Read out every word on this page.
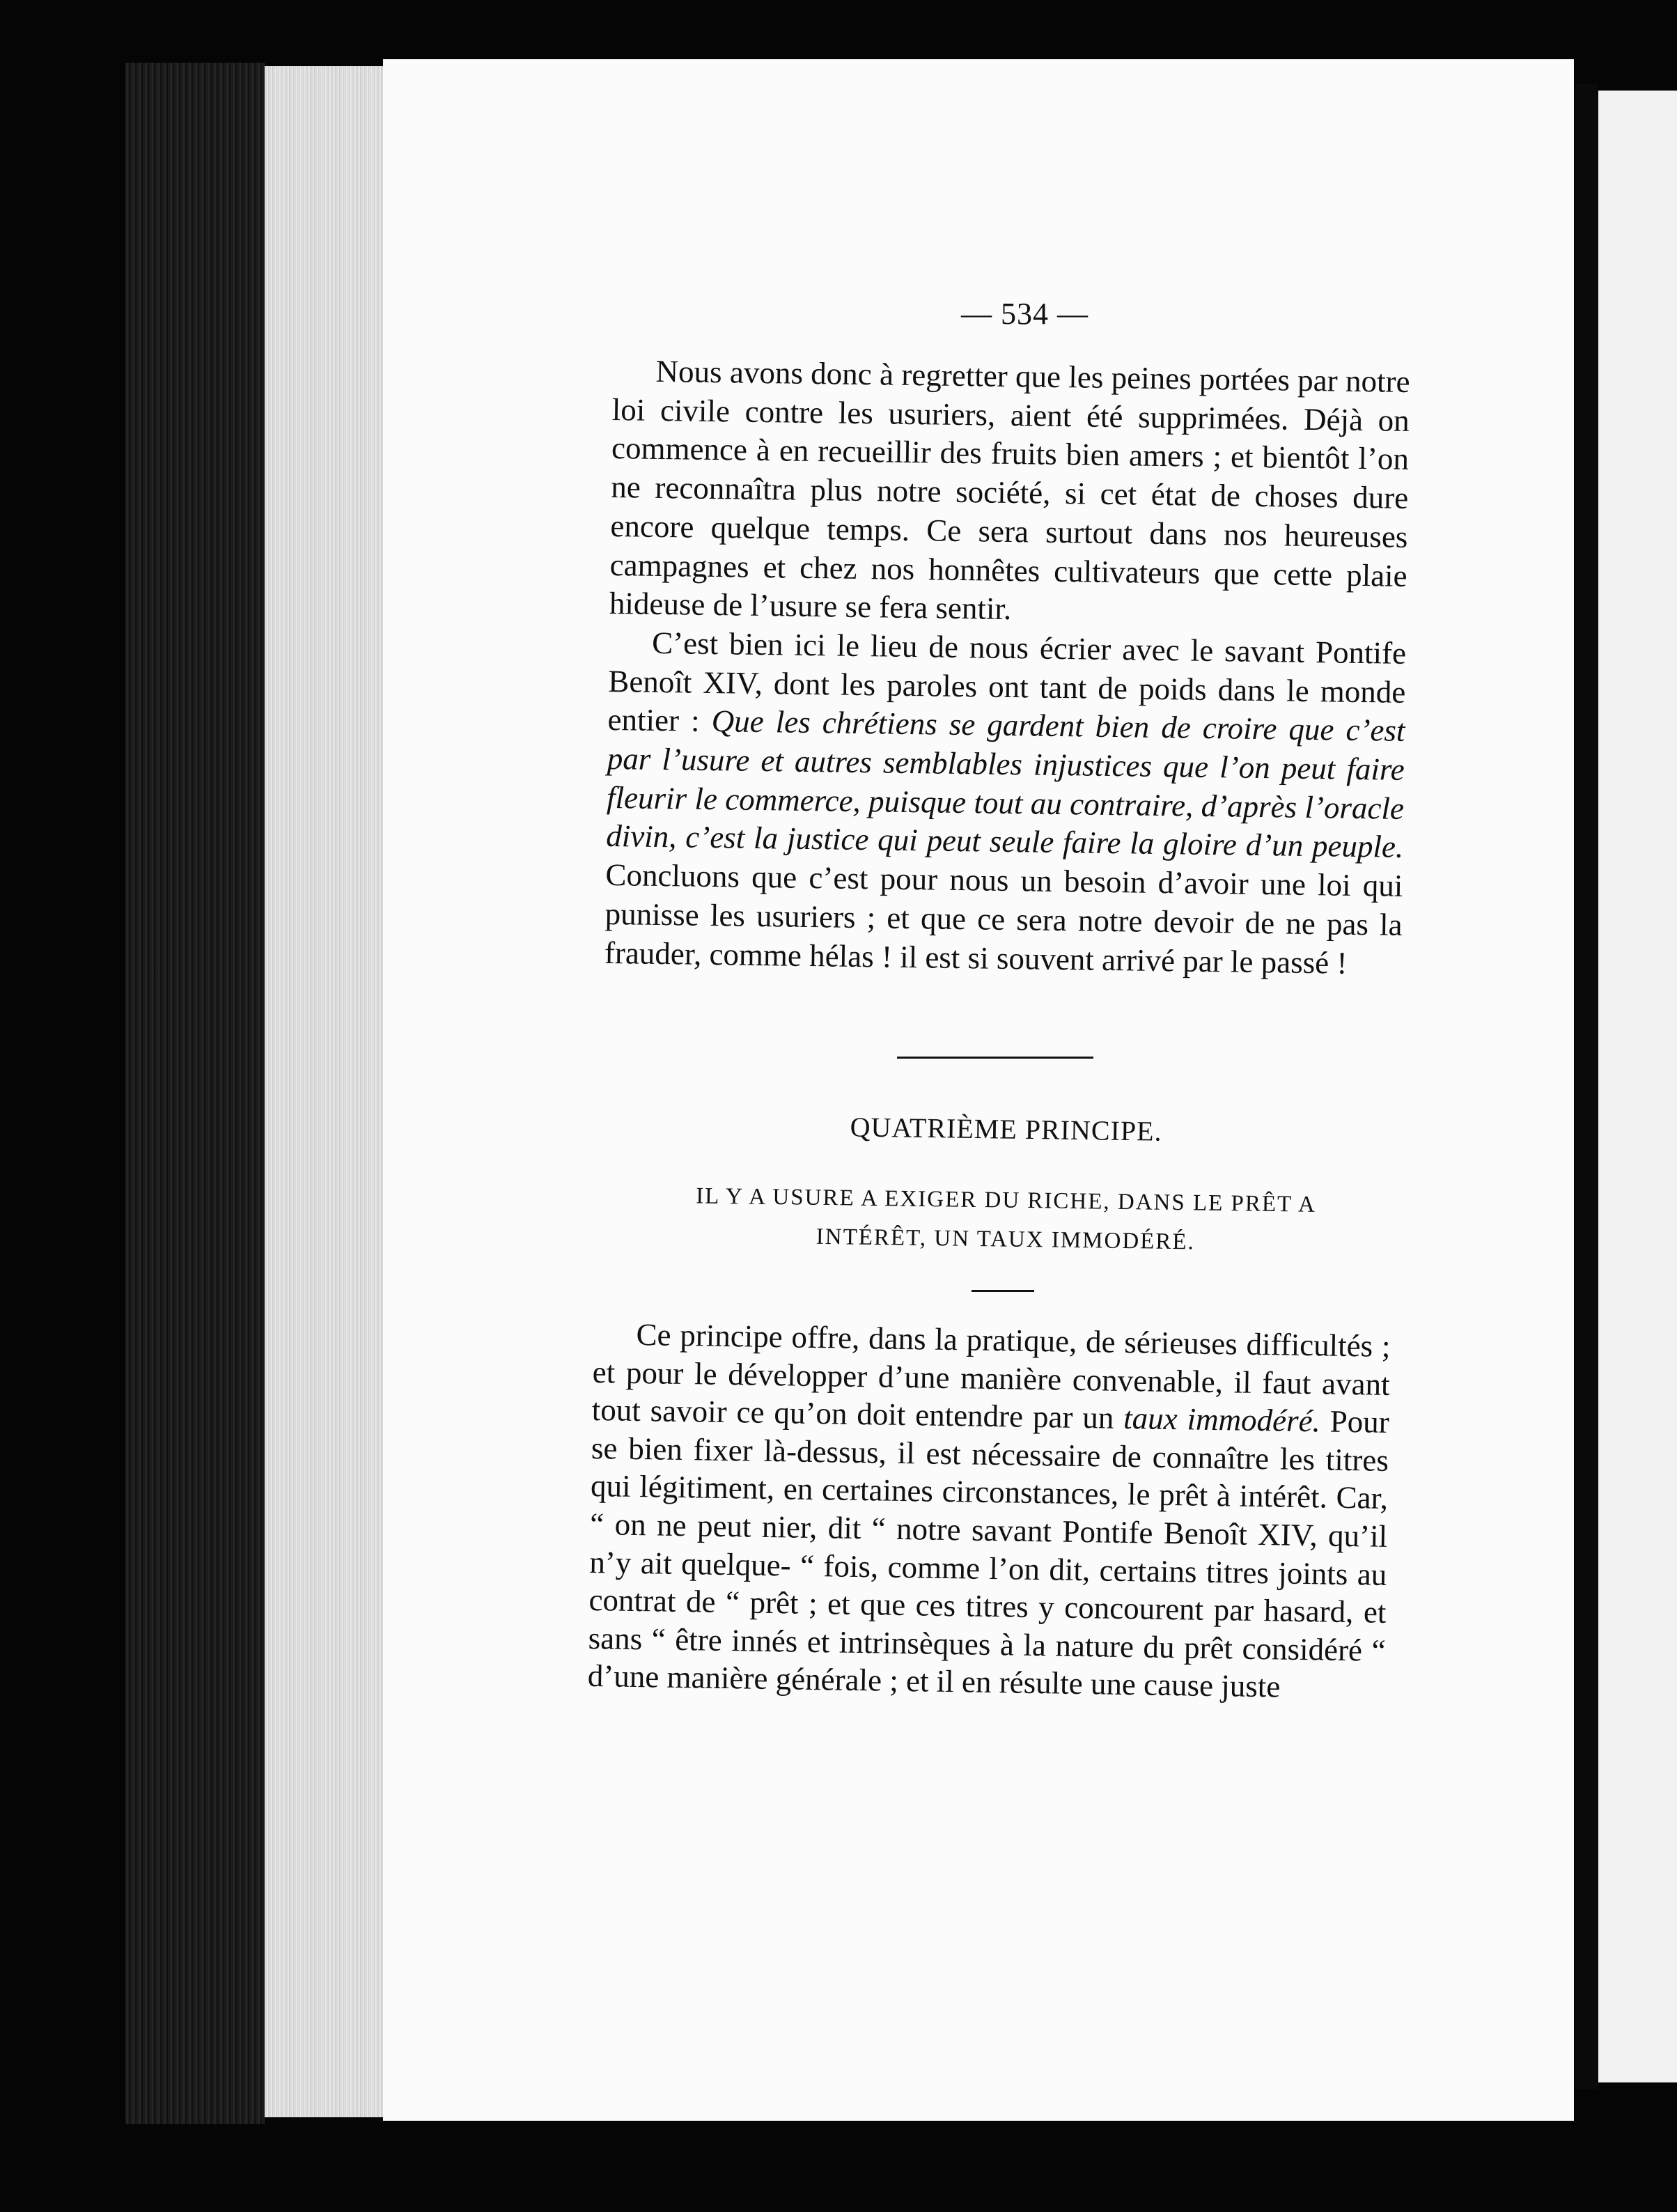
— 534 —

Nous avons donc à regretter que les peines portées par notre loi civile contre les usuriers, aient été supprimées. Déjà on commence à en recueillir des fruits bien amers ; et bientôt l’on ne reconnaîtra plus notre société, si cet état de choses dure encore quelque temps. Ce sera surtout dans nos heureuses campagnes et chez nos honnêtes cultivateurs que cette plaie hideuse de l’usure se fera sentir.

C’est bien ici le lieu de nous écrier avec le savant Pontife Benoît XIV, dont les paroles ont tant de poids dans le monde entier : Que les chrétiens se gardent bien de croire que c’est par l’usure et autres semblables injustices que l’on peut faire fleurir le commerce, puisque tout au contraire, d’après l’oracle divin, c’est la justice qui peut seule faire la gloire d’un peuple. Concluons que c’est pour nous un besoin d’avoir une loi qui punisse les usuriers ; et que ce sera notre devoir de ne pas la frauder, comme hélas ! il est si souvent arrivé par le passé !

QUATRIÈME PRINCIPE.
IL Y A USURE A EXIGER DU RICHE, DANS LE PRÊT A
INTÉRÊT, UN TAUX IMMODÉRÉ.

Ce principe offre, dans la pratique, de sérieuses difficultés ; et pour le développer d’une manière convenable, il faut avant tout savoir ce qu’on doit entendre par un taux immodéré. Pour se bien fixer là-dessus, il est nécessaire de connaître les titres qui légitiment, en certaines circonstances, le prêt à intérêt. Car, “ on ne peut nier, dit “ notre savant Pontife Benoît XIV, qu’il n’y ait quelque- “ fois, comme l’on dit, certains titres joints au contrat de “ prêt ; et que ces titres y concourent par hasard, et sans “ être innés et intrinsèques à la nature du prêt considéré “ d’une manière générale ; et il en résulte une cause juste
